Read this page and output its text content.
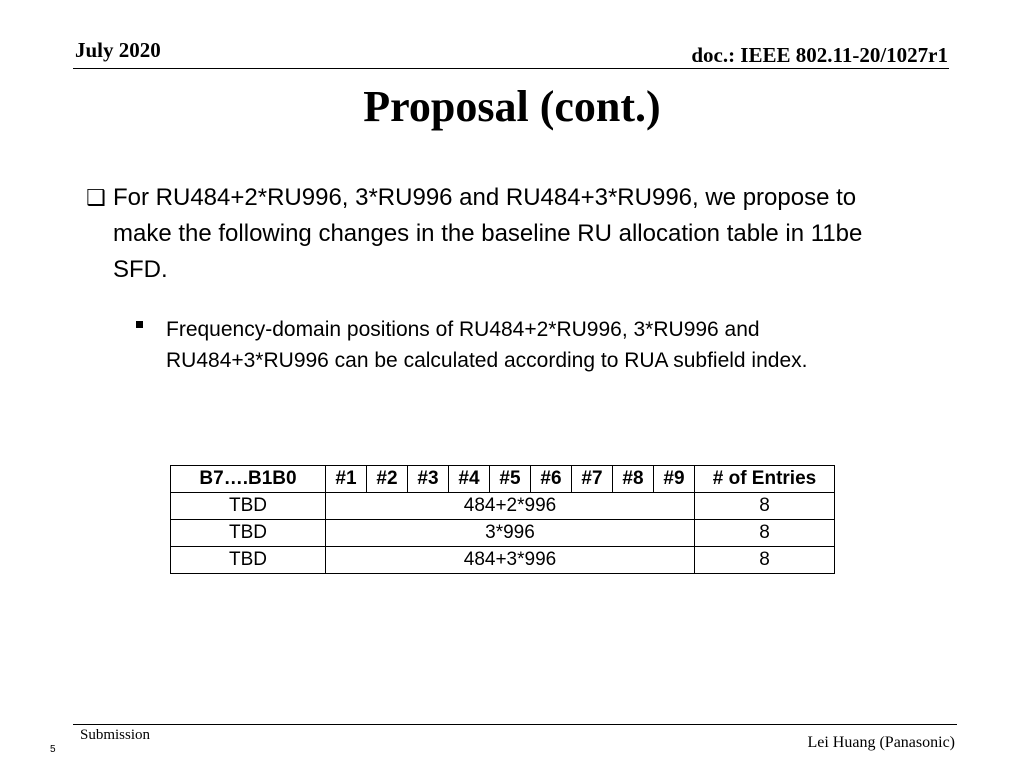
July 2020	doc.: IEEE 802.11-20/1027r1
Proposal (cont.)
❑ For RU484+2*RU996, 3*RU996 and RU484+3*RU996, we propose to make the following changes in the baseline RU allocation table in 11be SFD.
Frequency-domain positions of RU484+2*RU996, 3*RU996 and RU484+3*RU996 can be calculated according to RUA subfield index.
B7….B1B0	#1	#2	#3	#4	#5	#6	#7	#8	#9	# of Entries
TBD	484+2*996									8
TBD	3*996									8
TBD	484+3*996									8
Submission
5	Lei Huang (Panasonic)
